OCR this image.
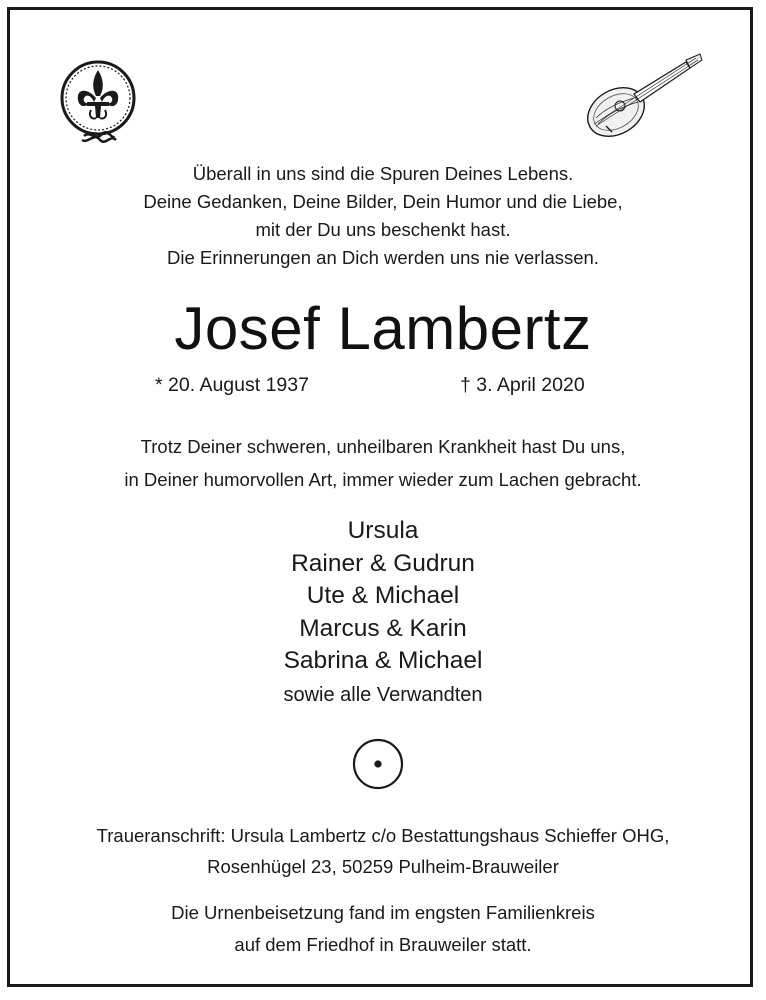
Überall in uns sind die Spuren Deines Lebens.
Deine Gedanken, Deine Bilder, Dein Humor und die Liebe,
mit der Du uns beschenkt hast.
Die Erinnerungen an Dich werden uns nie verlassen.
Josef Lambertz
* 20. August 1937	† 3. April 2020
Trotz Deiner schweren, unheilbaren Krankheit hast Du uns,
in Deiner humorvollen Art, immer wieder zum Lachen gebracht.
Ursula
Rainer & Gudrun
Ute & Michael
Marcus & Karin
Sabrina & Michael
sowie alle Verwandten
Traueranschrift: Ursula Lambertz c/o Bestattungshaus Schieffer OHG,
Rosenhügel 23, 50259 Pulheim-Brauweiler
Die Urnenbeisetzung fand im engsten Familienkreis
auf dem Friedhof in Brauweiler statt.
